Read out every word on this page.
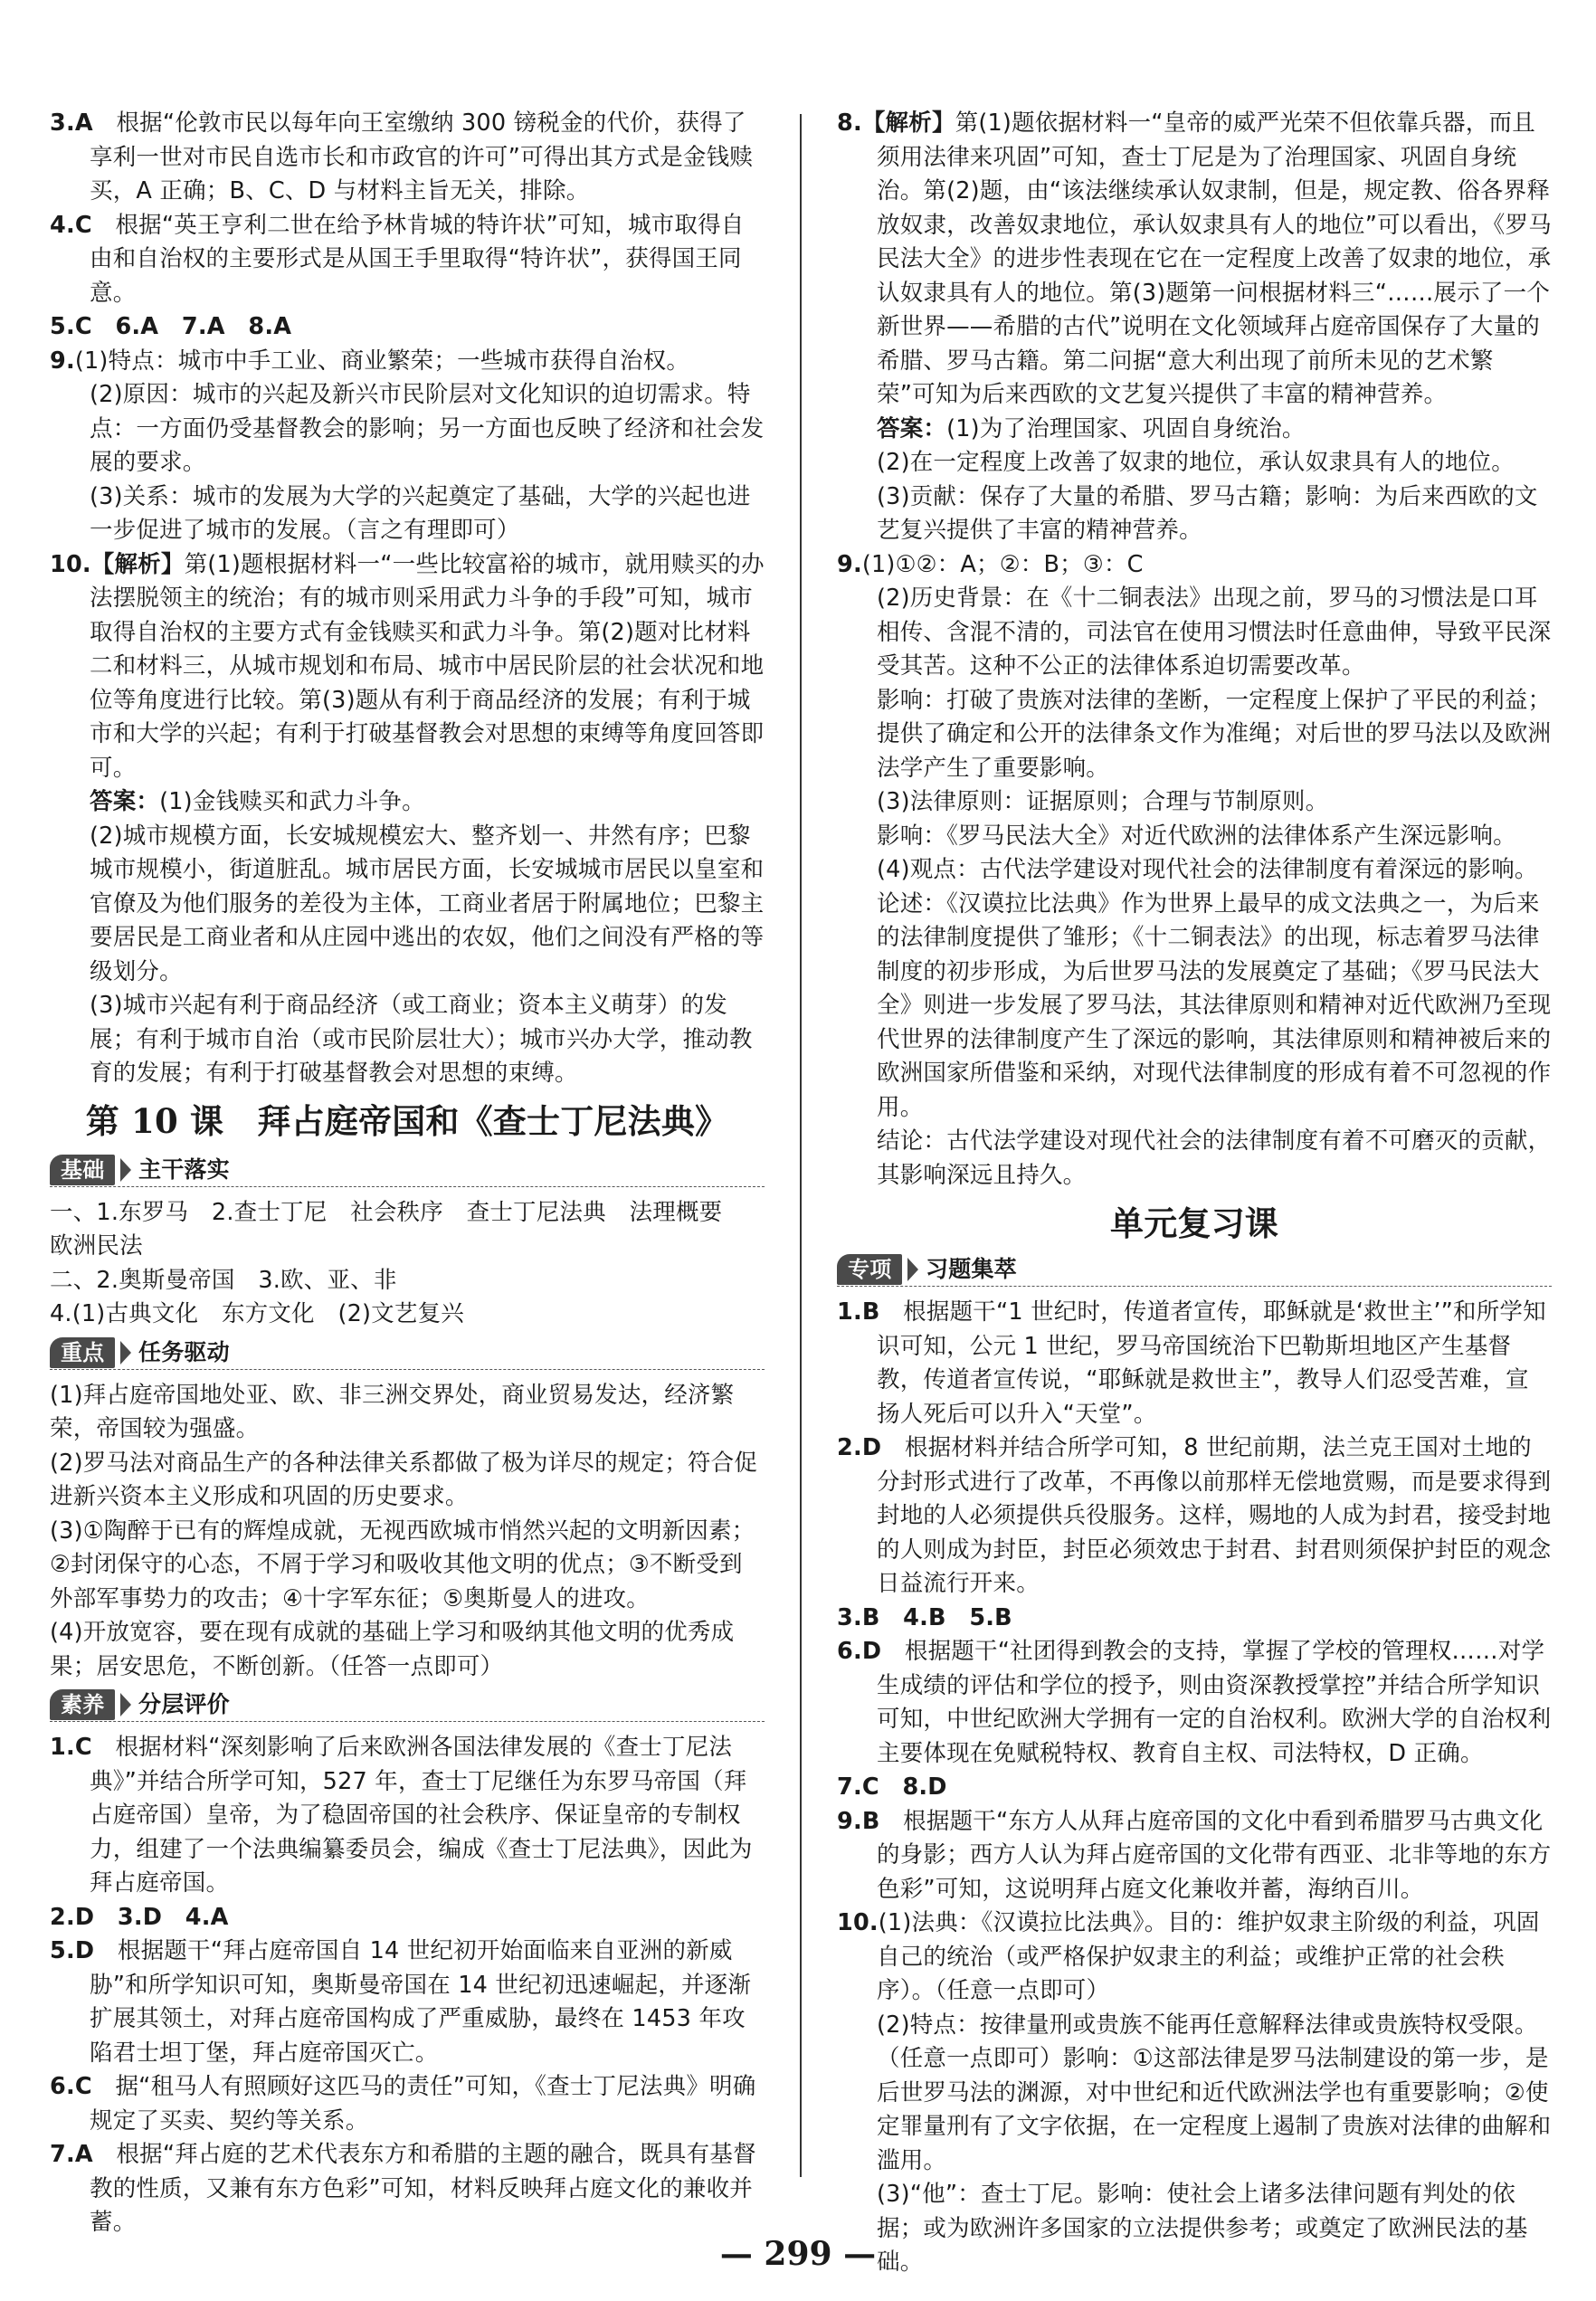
3.A　 根据“伦敦市民以每年向王室缴纳 300 镑税金的代价，获得了享利一世对市民自选市长和市政官的许可”可得出其方式是金钱赎买，A 正确；B、C、D 与材料主旨无关，排除。
4.C　 根据“英王亨利二世在给予林肯城的特许状”可知，城市取得自由和自治权的主要形式是从国王手里取得“特许状”，获得国王同意。
5.C　6.A　7.A　8.A
9.(1)特点：城市中手工业、商业繁荣；一些城市获得自治权。
(2)原因：城市的兴起及新兴市民阶层对文化知识的迫切需求。特点：一方面仍受基督教会的影响；另一方面也反映了经济和社会发展的要求。
(3)关系：城市的发展为大学的兴起奠定了基础，大学的兴起也进一步促进了城市的发展。（言之有理即可）
10.【解析】第(1)题根据材料一“一些比较富裕的城市，就用赎买的办法摆脱领主的统治；有的城市则采用武力斗争的手段”可知，城市取得自治权的主要方式有金钱赎买和武力斗争。第(2)题对比材料二和材料三，从城市规划和布局、城市中居民阶层的社会状况和地位等角度进行比较。第(3)题从有利于商品经济的发展；有利于城市和大学的兴起；有利于打破基督教会对思想的束缚等角度回答即可。
答案：(1)金钱赎买和武力斗争。
(2)城市规模方面，长安城规模宏大、整齐划一、井然有序；巴黎城市规模小，街道脏乱。城市居民方面，长安城城市居民以皇室和官僚及为他们服务的差役为主体，工商业者居于附属地位；巴黎主要居民是工商业者和从庄园中逃出的农奴，他们之间没有严格的等级划分。
(3)城市兴起有利于商品经济（或工商业；资本主义萌芽）的发展；有利于城市自治（或市民阶层壮大）；城市兴办大学，推动教育的发展；有利于打破基督教会对思想的束缚。
第 10 课　拜占庭帝国和《查士丁尼法典》
基础	主干落实
一、1.东罗马　2.查士丁尼　社会秩序　查士丁尼法典　法理概要　欧洲民法
二、2.奥斯曼帝国　3.欧、亚、非
4.(1)古典文化　东方文化　(2)文艺复兴
重点	任务驱动
(1)拜占庭帝国地处亚、欧、非三洲交界处，商业贸易发达，经济繁荣，帝国较为强盛。
(2)罗马法对商品生产的各种法律关系都做了极为详尽的规定；符合促进新兴资本主义形成和巩固的历史要求。
(3)①陶醉于已有的辉煌成就，无视西欧城市悄然兴起的文明新因素；②封闭保守的心态，不屑于学习和吸收其他文明的优点；③不断受到外部军事势力的攻击；④十字军东征；⑤奥斯曼人的进攻。
(4)开放宽容，要在现有成就的基础上学习和吸纳其他文明的优秀成果；居安思危，不断创新。（任答一点即可）
素养	分层评价
1.C　 根据材料“深刻影响了后来欧洲各国法律发展的《查士丁尼法典》”并结合所学可知，527 年，查士丁尼继任为东罗马帝国（拜占庭帝国）皇帝，为了稳固帝国的社会秩序、保证皇帝的专制权力，组建了一个法典编纂委员会，编成《查士丁尼法典》，因此为拜占庭帝国。
2.D　3.D　4.A
5.D　 根据题干“拜占庭帝国自 14 世纪初开始面临来自亚洲的新威胁”和所学知识可知，奥斯曼帝国在 14 世纪初迅速崛起，并逐渐扩展其领土，对拜占庭帝国构成了严重威胁，最终在 1453 年攻陷君士坦丁堡，拜占庭帝国灭亡。
6.C　 据“租马人有照顾好这匹马的责任”可知，《查士丁尼法典》明确规定了买卖、契约等关系。
7.A　 根据“拜占庭的艺术代表东方和希腊的主题的融合，既具有基督教的性质，又兼有东方色彩”可知，材料反映拜占庭文化的兼收并蓄。
8.【解析】第(1)题依据材料一“皇帝的威严光荣不但依靠兵器，而且须用法律来巩固”可知，查士丁尼是为了治理国家、巩固自身统治。第(2)题，由“该法继续承认奴隶制，但是，规定教、俗各界释放奴隶，改善奴隶地位，承认奴隶具有人的地位”可以看出，《罗马民法大全》的进步性表现在它在一定程度上改善了奴隶的地位，承认奴隶具有人的地位。第(3)题第一问根据材料三“……展示了一个新世界——希腊的古代”说明在文化领域拜占庭帝国保存了大量的希腊、罗马古籍。第二问据“意大利出现了前所未见的艺术繁荣”可知为后来西欧的文艺复兴提供了丰富的精神营养。
答案：(1)为了治理国家、巩固自身统治。
(2)在一定程度上改善了奴隶的地位，承认奴隶具有人的地位。
(3)贡献：保存了大量的希腊、罗马古籍；影响：为后来西欧的文艺复兴提供了丰富的精神营养。
9.(1)①②：A；②：B；③：C
(2)历史背景：在《十二铜表法》出现之前，罗马的习惯法是口耳相传、含混不清的，司法官在使用习惯法时任意曲伸，导致平民深受其苦。这种不公正的法律体系迫切需要改革。
影响：打破了贵族对法律的垄断，一定程度上保护了平民的利益；提供了确定和公开的法律条文作为准绳；对后世的罗马法以及欧洲法学产生了重要影响。
(3)法律原则：证据原则；合理与节制原则。
影响：《罗马民法大全》对近代欧洲的法律体系产生深远影响。
(4)观点：古代法学建设对现代社会的法律制度有着深远的影响。论述：《汉谟拉比法典》作为世界上最早的成文法典之一，为后来的法律制度提供了雏形；《十二铜表法》的出现，标志着罗马法律制度的初步形成，为后世罗马法的发展奠定了基础；《罗马民法大全》则进一步发展了罗马法，其法律原则和精神对近代欧洲乃至现代世界的法律制度产生了深远的影响，其法律原则和精神被后来的欧洲国家所借鉴和采纳，对现代法律制度的形成有着不可忽视的作用。
结论：古代法学建设对现代社会的法律制度有着不可磨灭的贡献，其影响深远且持久。
单元复习课
专项	习题集萃
1.B　 根据题干“1 世纪时，传道者宣传，耶稣就是‘救世主’”和所学知识可知，公元 1 世纪，罗马帝国统治下巴勒斯坦地区产生基督教，传道者宣传说，“耶稣就是救世主”，教导人们忍受苦难，宣扬人死后可以升入“天堂”。
2.D　 根据材料并结合所学可知，8 世纪前期，法兰克王国对土地的分封形式进行了改革，不再像以前那样无偿地赏赐，而是要求得到封地的人必须提供兵役服务。这样，赐地的人成为封君，接受封地的人则成为封臣，封臣必须效忠于封君、封君则须保护封臣的观念日益流行开来。
3.B　4.B　5.B
6.D　 根据题干“社团得到教会的支持，掌握了学校的管理权……对学生成绩的评估和学位的授予，则由资深教授掌控”并结合所学知识可知，中世纪欧洲大学拥有一定的自治权利。欧洲大学的自治权利主要体现在免赋税特权、教育自主权、司法特权，D 正确。
7.C　8.D
9.B　 根据题干“东方人从拜占庭帝国的文化中看到希腊罗马古典文化的身影；西方人认为拜占庭帝国的文化带有西亚、北非等地的东方色彩”可知，这说明拜占庭文化兼收并蓄，海纳百川。
10.(1)法典：《汉谟拉比法典》。目的：维护奴隶主阶级的利益，巩固自己的统治（或严格保护奴隶主的利益；或维护正常的社会秩序）。（任意一点即可）
(2)特点：按律量刑或贵族不能再任意解释法律或贵族特权受限。（任意一点即可）影响：①这部法律是罗马法制建设的第一步，是后世罗马法的渊源，对中世纪和近代欧洲法学也有重要影响；②使定罪量刑有了文字依据，在一定程度上遏制了贵族对法律的曲解和滥用。
(3)“他”：查士丁尼。影响：使社会上诸多法律问题有判处的依据；或为欧洲许多国家的立法提供参考；或奠定了欧洲民法的基础。
— 299 —
